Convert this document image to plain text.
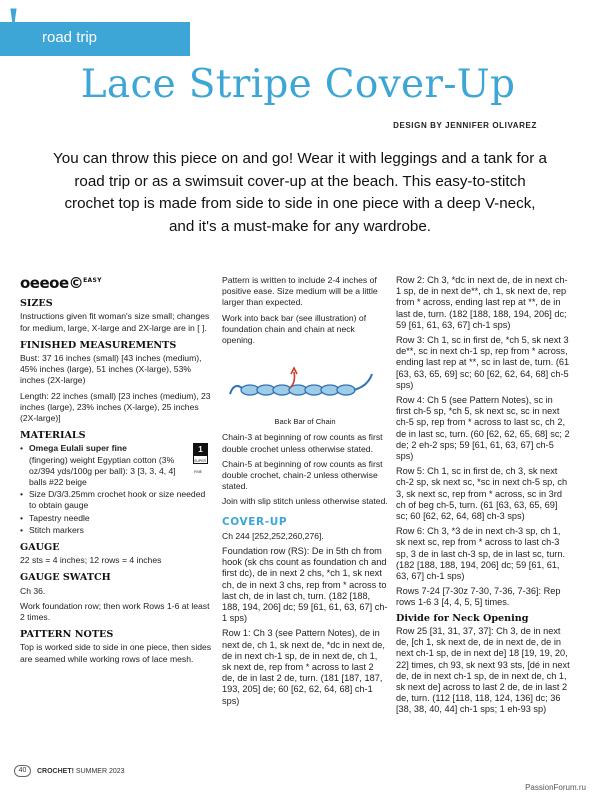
! road trip
Lace Stripe Cover-Up
DESIGN BY JENNIFER OLIVAREZ
You can throw this piece on and go! Wear it with leggings and a tank for a road trip or as a swimsuit cover-up at the beach. This easy-to-stitch crochet top is made from side to side in one piece with a deep V-neck, and it's a must-make for any wardrobe.
oeeoe©$^{EASY}$
SIZES
Instructions given fit woman's size small; changes for medium, large, X-large and 2X-large are in [ ].
FINISHED MEASUREMENTS
Bust: 37 16 inches (small) [43 inches (medium), 45% inches (large), 51 inches (X-large), 53% inches (2X-large)
Length: 22 inches (small) [23 inches (medium), 23 inches (large), 23% inches (X-large), 25 inches (2X-large)]
MATERIALS
• Omega Eulali super fine
(fingering) weight Egyptian cotton (3% oz/394 yds/100g per ball): 3 [3, 3, 4, 4] balls #22 beige
1
SUPER FINE
• Size D/3/3.25mm crochet hook or size needed to obtain gauge
• Tapestry needle
• Stitch markers
GAUGE
22 sts = 4 inches; 12 rows = 4 inches
GAUGE SWATCH
Ch 36.
Work foundation row; then work Rows 1-6 at least 2 times.
PATTERN NOTES
Top is worked side to side in one piece, then sides are seamed while working rows of lace mesh.
Pattern is written to include 2-4 inches of positive ease. Size medium will be a little larger than expected.
Work into back bar (see illustration) of foundation chain and chain at neck opening.
Back Bar of Chain
Chain-3 at beginning of row counts as first double crochet unless otherwise stated.
Chain-5 at beginning of row counts as first double crochet, chain-2 unless otherwise stated.
Join with slip stitch unless otherwise stated.
COVER-UP
Ch 244 [252,252,260,276].
Foundation row (RS): De in 5th ch from hook (sk chs count as foundation ch and first dc), de in next 2 chs, *ch 1, sk next ch, de in next 3 chs, rep from * across to last ch, de in last ch, turn. (182 [188, 188, 194, 206] dc; 59 [61, 61, 63, 67] ch-1 sps)
Row 1: Ch 3 (see Pattern Notes), de in next de, ch 1, sk next de, *dc in next de, de in next ch-1 sp, de in next de, ch 1, sk next de, rep from * across to last 2 de, de in last 2 de, turn. (181 [187, 187, 193, 205] de; 60 [62, 62, 64, 68] ch-1 sps)
Row 2: Ch 3, *dc in next de, de in next ch-1 sp, de in next de**, ch 1, sk next de, rep from * across, ending last rep at **, de in last de, turn. (182 [188, 188, 194, 206] dc; 59 [61, 61, 63, 67] ch-1 sps)
Row 3: Ch 1, sc in first de, *ch 5, sk next 3 de**, sc in next ch-1 sp, rep from * across, ending last rep at **, sc in last de, turn. (61 [63, 63, 65, 69] sc; 60 [62, 62, 64, 68] ch-5 sps)
Row 4: Ch 5 (see Pattern Notes), sc in first ch-5 sp, *ch 5, sk next sc, sc in next ch-5 sp, rep from * across to last sc, ch 2, de in last sc, turn. (60 [62, 62, 65, 68] sc; 2 de; 2 eh-2 sps; 59 [61, 61, 63, 67] ch-5 sps)
Row 5: Ch 1, sc in first de, ch 3, sk next ch-2 sp, sk next sc, *sc in next ch-5 sp, ch 3, sk next sc, rep from * across, sc in 3rd ch of beg ch-5, turn. (61 [63, 63, 65, 69] sc; 60 [62, 62, 64, 68] ch-3 sps)
Row 6: Ch 3, *3 de in next ch-3 sp, ch 1, sk next sc, rep from * across to last ch-3 sp, 3 de in last ch-3 sp, de in last sc, turn. (182 [188, 188, 194, 206] dc; 59 [61, 61, 63, 67] ch-1 sps)
Rows 7-24 [7-30z 7-30, 7-36, 7-36]: Rep rows 1-6 3 [4, 4, 5, 5] times.
Divide for Neck Opening
Row 25 [31, 31, 37, 37]: Ch 3, de in next de, [ch 1, sk next de, de in next de, de in next ch-1 sp, de in next de] 18 [19, 19, 20, 22] times, ch 93, sk next 93 sts, [dé in next de, de in next ch-1 sp, de in next de, ch 1, sk next de] across to last 2 de, de in last 2 de, turn. (112 [118, 118, 124, 136] dc; 36 [38, 38, 40, 44] ch-1 sps; 1 eh-93 sp)
40	CROCHET!
SUMMER 2023
PassionForum.ru
